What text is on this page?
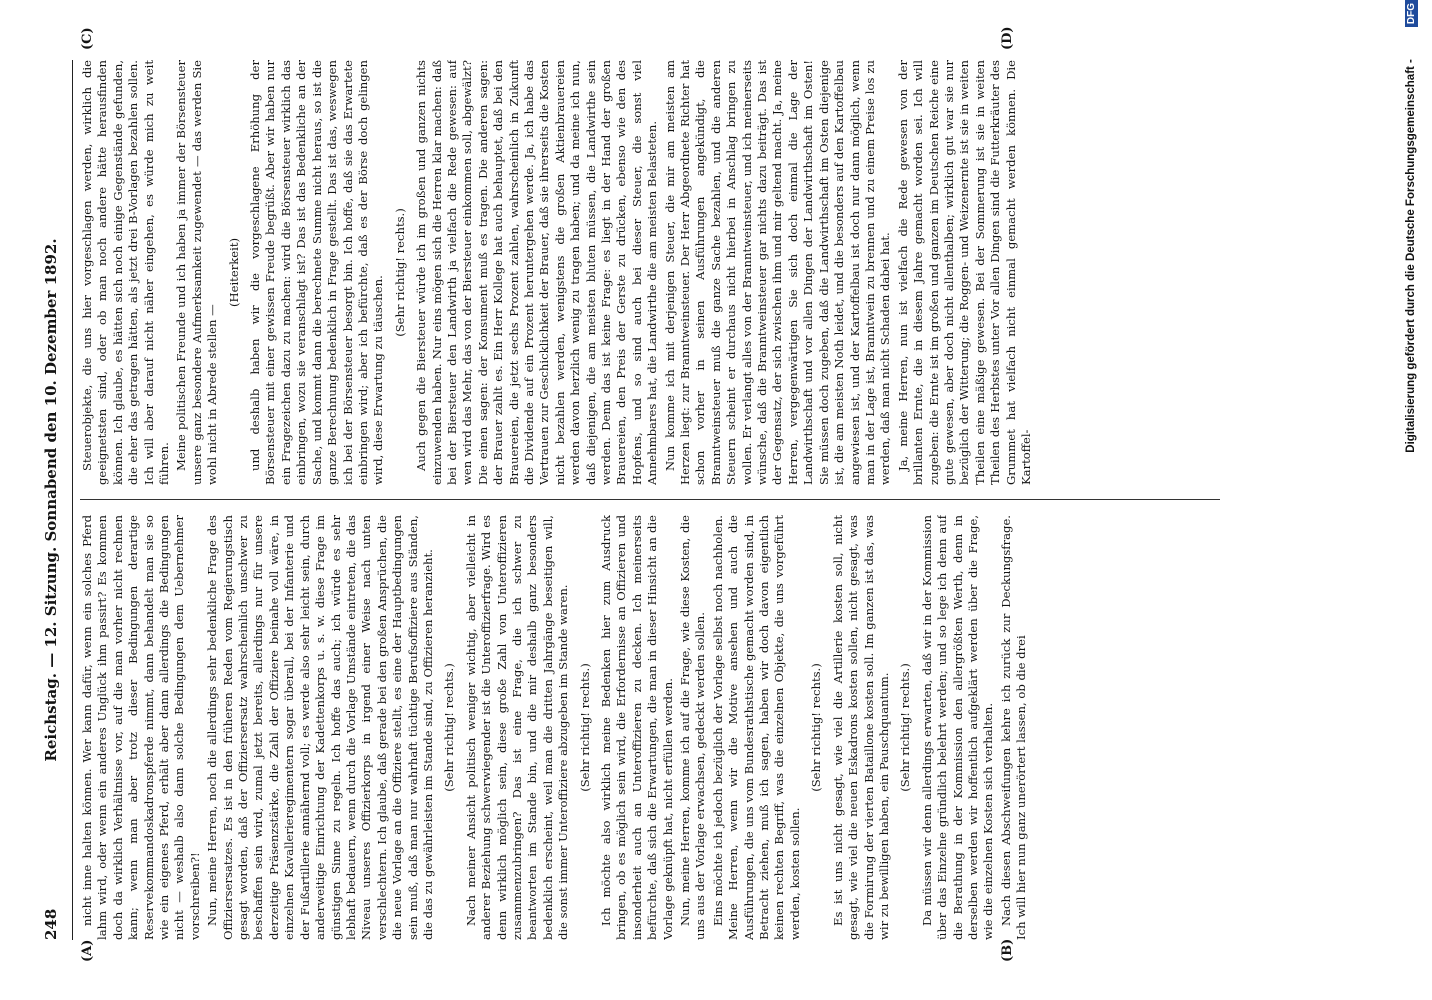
248
Reichstag. — 12. Sitzung. Sonnabend den 10. Dezember 1892.
(A)	(B)
(C)	(D)

nicht inne halten können. Wer kann dafür, wenn ein solches Pferd lahm wird, oder wenn ein anderes Unglück ihm passirt? Es kommen doch da wirklich Verhältnisse vor, auf die man vorher nicht rechnen kann; wenn man aber trotz dieser Bedingungen derartige Reservekommandoskadronspferde nimmt, dann behandelt man sie so wie ein eigenes Pferd, erhält aber dann allerdings die Bedingungen nicht — weshalb also dann solche Bedingungen dem Uebernehmer vorschreiben?! Nun, meine Herren, noch die allerdings sehr bedenkliche Frage des Offiziersersatzes. Es ist in den früheren Reden vom Regierungstisch gesagt worden, daß der Offiziersersatz wahrscheinlich unschwer zu beschaffen sein wird, zumal jetzt bereits, allerdings nur für unsere derzeitige Präsenzstärke, die Zahl der Offiziere beinahe voll wäre, in einzelnen Kavallerieregimentern sogar überall, bei der Infanterie und der Fußartillerie annähernd voll; es werde also sehr leicht sein, durch anderweitige Einrichtung der Kadettenkorps u. s. w. diese Frage im günstigen Sinne zu regeln. Ich hoffe das auch; ich würde es sehr lebhaft bedauern, wenn durch die Vorlage Umstände eintreten, die das Niveau unseres Offizierkorps in irgend einer Weise nach unten verschlechtern. Ich glaube, daß gerade bei den großen Ansprüchen, die die neue Vorlage an die Offiziere stellt, es eine der Hauptbedingungen sein muß, daß man nur wahrhaft tüchtige Berufsoffiziere aus Ständen, die das zu gewährleisten im Stande sind, zu Offizieren heranzieht. (Sehr richtig! rechts.) Nach meiner Ansicht politisch weniger wichtig, aber vielleicht in anderer Beziehung schwerwiegender ist die Unteroffizierfrage. Wird es denn wirklich möglich sein, diese große Zahl von Unteroffizieren zusammenzubringen? Das ist eine Frage, die ich schwer zu beantworten im Stande bin, und die mir deshalb ganz besonders bedenklich erscheint, weil man die dritten Jahrgänge beseitigen will, die sonst immer Unteroffiziere abzugeben im Stande waren. (Sehr richtig! rechts.) Ich möchte also wirklich meine Bedenken hier zum Ausdruck bringen, ob es möglich sein wird, die Erfordernisse an Offizieren und insonderheit auch an Unteroffizieren zu decken. Ich meinerseits befürchte, daß sich die Erwartungen, die man in dieser Hinsicht an die Vorlage geknüpft hat, nicht erfüllen werden. Nun, meine Herren, komme ich auf die Frage, wie diese Kosten, die uns aus der Vorlage erwachsen, gedeckt werden sollen. Eins möchte ich jedoch bezüglich der Vorlage selbst noch nachholen. Meine Herren, wenn wir die Motive ansehen und auch die Ausführungen, die uns vom Bundesrathstische gemacht worden sind, in Betracht ziehen, muß ich sagen, haben wir doch davon eigentlich keinen rechten Begriff, was die einzelnen Objekte, die uns vorgeführt werden, kosten sollen.

(Sehr richtig! rechts.) Es ist uns nicht gesagt, wie viel die Artillerie kosten soll, nicht gesagt, wie viel die neuen Eskadrons kosten sollen, nicht gesagt, was die Formirung der vierten Bataillone kosten soll. Im ganzen ist das, was wir zu bewilligen haben, ein Pauschquantum. (Sehr richtig! rechts.) Da müssen wir denn allerdings erwarten, daß wir in der Kommission über das Einzelne gründlich belehrt werden; und so lege ich denn auf die Berathung in der Kommission den allergrößten Werth, denn in derselben werden wir hoffentlich aufgeklärt werden über die Frage, wie die einzelnen Kosten sich verhalten. Nach diesen Abschweifungen kehre ich zurück zur Deckungsfrage. Ich will hier nun ganz unerörtert lassen, ob die drei

Steuerobjekte, die uns hier vorgeschlagen werden, wirklich die geeignetsten sind, oder ob man noch andere hätte herausfinden können. Ich glaube, es hätten sich noch einige Gegenstände gefunden, die eher das getragen hätten, als jetzt drei B-Vorlagen bezahlen sollen. Ich will aber darauf nicht näher eingehen, es würde mich zu weit führen. Meine politischen Freunde und ich haben ja immer der Börsensteuer unsere ganz besondere Aufmerksamkeit zugewendet — das werden Sie wohl nicht in Abrede stellen —

(Heiterkeit) und deshalb haben wir die vorgeschlagene Erhöhung der Börsensteuer mit einer gewissen Freude begrüßt. Aber wir haben nur ein Fragezeichen dazu zu machen: wird die Börsensteuer wirklich das einbringen, wozu sie veranschlagt ist? Das ist das Bedenkliche an der Sache, und kommt dann die berechnete Summe nicht heraus, so ist die ganze Berechnung bedenklich in Frage gestellt. Das ist das, weswegen ich bei der Börsensteuer besorgt bin. Ich hoffe, daß sie das Erwartete einbringen wird; aber ich befürchte, daß es der Börse doch gelingen wird, diese Erwartung zu täuschen.

(Sehr richtig! rechts.) Auch gegen die Biersteuer würde ich im großen und ganzen nichts einzuwenden haben. Nur eins mögen sich die Herren klar machen: daß bei der Biersteuer den Landwirth ja vielfach die Rede gewesen: auf wen wird das Mehr, das von der Biersteuer einkommen soll, abgewälzt? Die einen sagen: der Konsument muß es tragen. Die anderen sagen: der Brauer zahlt es. Ein Herr Kollege hat auch behauptet, daß bei den Brauereien, die jetzt sechs Prozent zahlen, wahrscheinlich in Zukunft die Dividende auf ein Prozent heruntergehen werde. Ja, ich habe das Vertrauen zur Geschicklichkeit der Brauer, daß sie ihrerseits die Kosten nicht bezahlen werden, wenigstens die großen Aktienbrauereien werden davon herzlich wenig zu tragen haben; und da meine ich nun, daß diejenigen, die am meisten bluten müssen, die Landwirthe sein werden. Denn das ist keine Frage: es liegt in der Hand der großen Brauereien, den Preis der Gerste zu drücken, ebenso wie den des Hopfens, und so sind auch bei dieser Steuer, die sonst viel Annehmbares hat, die Landwirthe die am meisten Belasteten. Nun komme ich mit derjenigen Steuer, die mir am meisten am Herzen liegt: zur Branntweinsteuer. Der Herr Abgeordnete Richter hat schon vorher in seinen Ausführungen angekündigt, die Branntweinsteuer muß die ganze Sache bezahlen, und die anderen Steuern scheint er durchaus nicht hierbei in Anschlag bringen zu wollen. Er verlangt alles von der Branntweinsteuer, und ich meinerseits wünsche, daß die Branntweinsteuer gar nichts dazu beiträgt. Das ist der Gegensatz, der sich zwischen ihm und mir geltend macht. Ja, meine Herren, vergegenwärtigen Sie sich doch einmal die Lage der Landwirthschaft und vor allen Dingen der Landwirthschaft im Osten! Sie müssen doch zugeben, daß die Landwirthschaft im Osten diejenige ist, die am meisten Noth leidet, und die besonders auf den Kartoffelbau angewiesen ist, und der Kartoffelbau ist doch nur dann möglich, wenn man in der Lage ist, Branntwein zu brennen und zu einem Preise los zu werden, daß man nicht Schaden dabei hat. Ja, meine Herren, nun ist vielfach die Rede gewesen von der brillanten Ernte, die in diesem Jahre gemacht worden sei. Ich will zugeben: die Ernte ist im großen und ganzen im Deutschen Reiche eine gute gewesen, aber doch nicht allenthalben; wirklich gut war sie nur bezüglich der Witterung; die Roggen- und Weizenernte ist sie in weiten Theilen eine mäßige gewesen. Bei der Sommerung ist sie in weiten Theilen des Herbstes unter Vor allen Dingen sind die Futterkräuter des Grummet hat vielfach nicht einmal gemacht werden können. Die Kartoffel-

Digitalisierung gefördert durch die Deutsche Forschungsgemeinschaft -DFG
